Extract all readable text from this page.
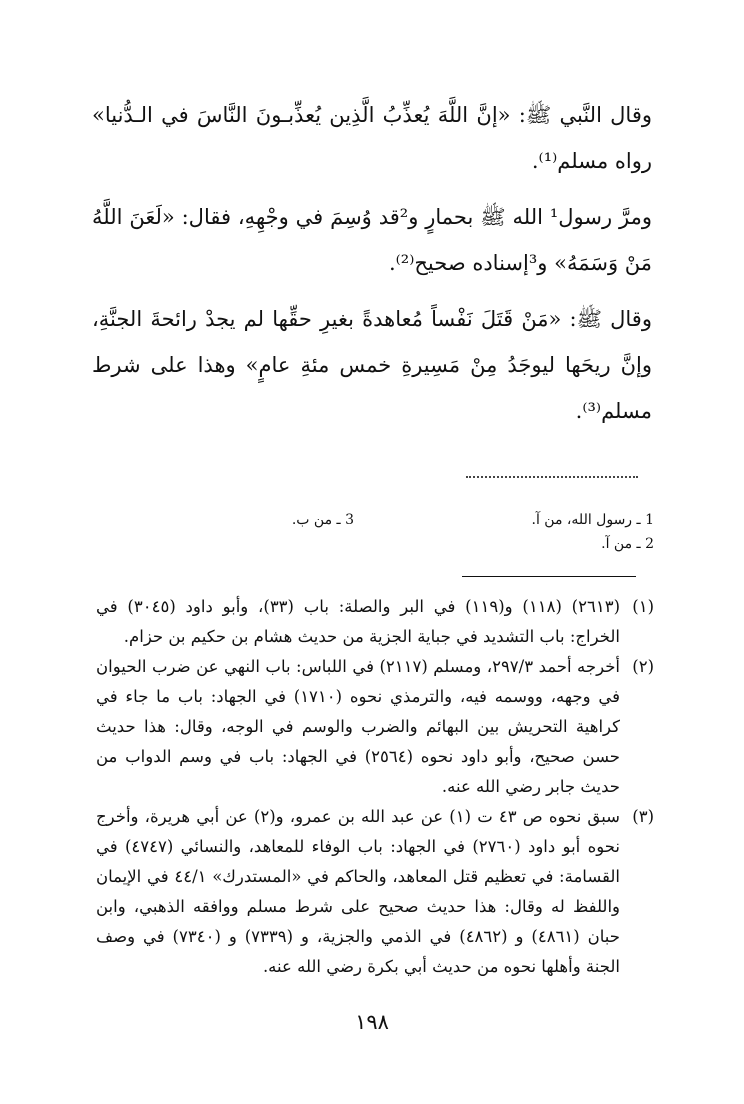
وقال النَّبي ﷺ: «إنَّ اللَّهَ يُعذِّبُ الَّذِين يُعذِّبـونَ النَّاسَ في الـدُّنيا» رواه مسلم⁽¹⁾.

ومرَّ رسول¹ الله ﷺ بحمارٍ و²قد وُسِمَ في وجْهِهِ، فقال: «لَعَنَ اللَّهُ مَنْ وَسَمَهُ» و³إسناده صحيح⁽²⁾.

وقال ﷺ: «مَنْ قَتَلَ نَفْساً مُعاهدةً بغيرِ حقِّها لم يجدْ رائحةَ الجنَّةِ، وإنَّ ريحَها ليوجَدُ مِنْ مَسِيرةِ خمس مئةِ عامٍ» وهذا على شرط مسلم⁽³⁾.

1 ـ رسول الله، من آ.
3 ـ من ب.
2 ـ من آ.
(١)
(٢٦١٣) (١١٨) و(١١٩) في البر والصلة: باب (٣٣)، وأبو داود (٣٠٤٥) في الخراج: باب التشديد في جباية الجزية من حديث هشام بن حكيم بن حزام.
(٢)
أخرجه أحمد ٢٩٧/٣، ومسلم (٢١١٧) في اللباس: باب النهي عن ضرب الحيوان في وجهه، ووسمه فيه، والترمذي نحوه (١٧١٠) في الجهاد: باب ما جاء في كراهية التحريش بين البهائم والضرب والوسم في الوجه، وقال: هذا حديث حسن صحيح، وأبو داود نحوه (٢٥٦٤) في الجهاد: باب في وسم الدواب من حديث جابر رضي الله عنه.
(٣)
سبق نحوه ص ٤٣ ت (١) عن عبد الله بن عمرو، و(٢) عن أبي هريرة، وأخرج نحوه أبو داود (٢٧٦٠) في الجهاد: باب الوفاء للمعاهد، والنسائي (٤٧٤٧) في القسامة: في تعظيم قتل المعاهد، والحاكم في «المستدرك» ٤٤/١ في الإيمان واللفظ له وقال: هذا حديث صحيح على شرط مسلم ووافقه الذهبي، وابن حبان (٤٨٦١) و (٤٨٦٢) في الذمي والجزية، و (٧٣٣٩) و (٧٣٤٠) في وصف الجنة وأهلها نحوه من حديث أبي بكرة رضي الله عنه.
١٩٨
